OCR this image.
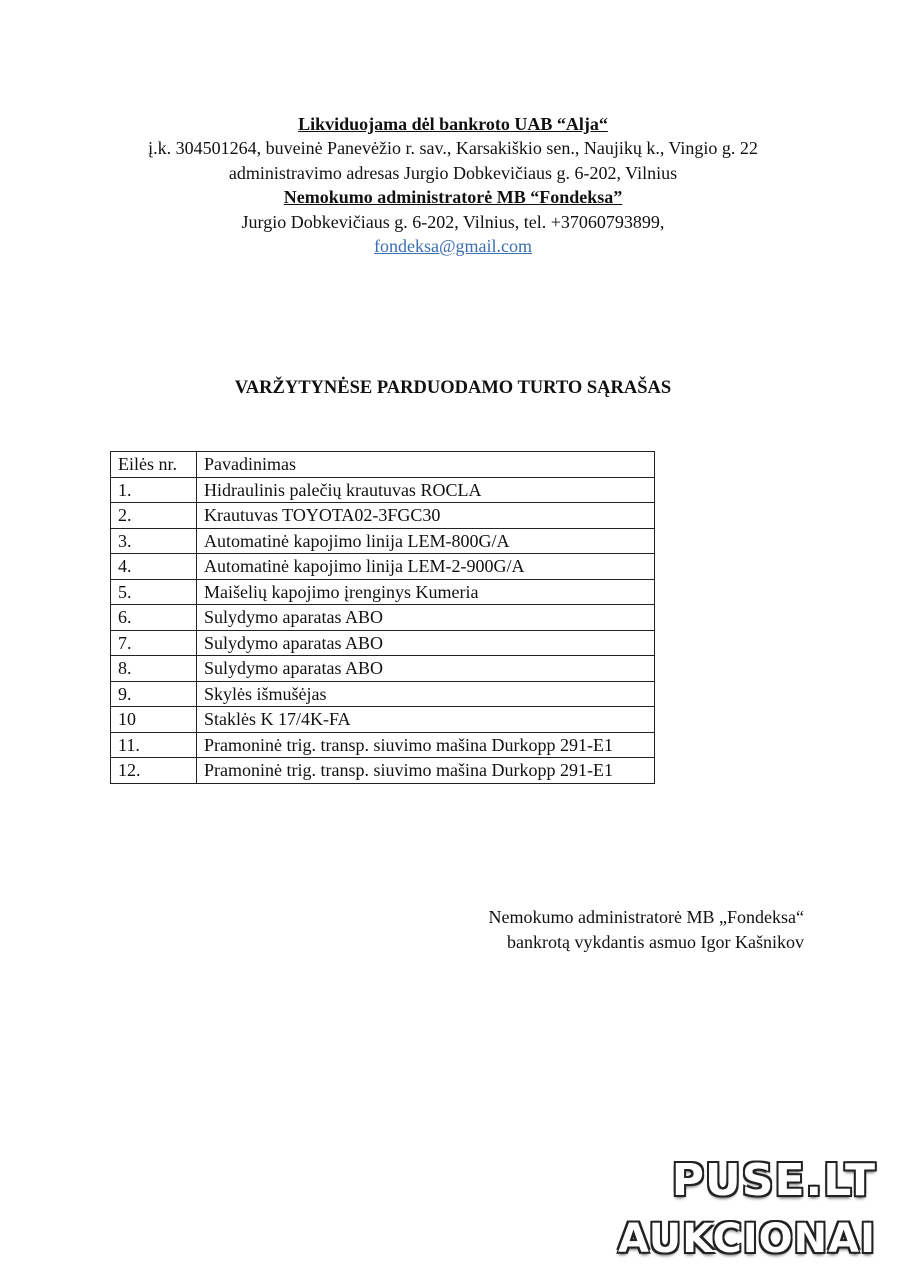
Likviduojama dėl bankroto UAB “Alja“
į.k. 304501264, buveinė Panevėžio r. sav., Karsakiškio sen., Naujikų k., Vingio g. 22
administravimo adresas Jurgio Dobkevičiaus g. 6-202, Vilnius
Nemokumo administratorė MB “Fondeksa”
Jurgio Dobkevičiaus g. 6-202, Vilnius, tel. +37060793899,
fondeksa@gmail.com
VARŽYTYNĖSE PARDUODAMO TURTO SĄRAŠAS
Eilės nr.	Pavadinimas
1.	Hidraulinis palečių krautuvas ROCLA
2.	Krautuvas TOYOTA02-3FGC30
3.	Automatinė kapojimo linija LEM-800G/A
4.	Automatinė kapojimo linija LEM-2-900G/A
5.	Maišelių kapojimo įrenginys Kumeria
6.	Sulydymo aparatas ABO
7.	Sulydymo aparatas ABO
8.	Sulydymo aparatas ABO
9.	Skylės išmušėjas
10	Staklės K 17/4K-FA
11.	Pramoninė trig. transp. siuvimo mašina Durkopp 291-E1
12.	Pramoninė trig. transp. siuvimo mašina Durkopp 291-E1
Nemokumo administratorė MB „Fondeksa“
bankrotą vykdantis asmuo Igor Kašnikov
PUSE.LT
AUKCIONAI
